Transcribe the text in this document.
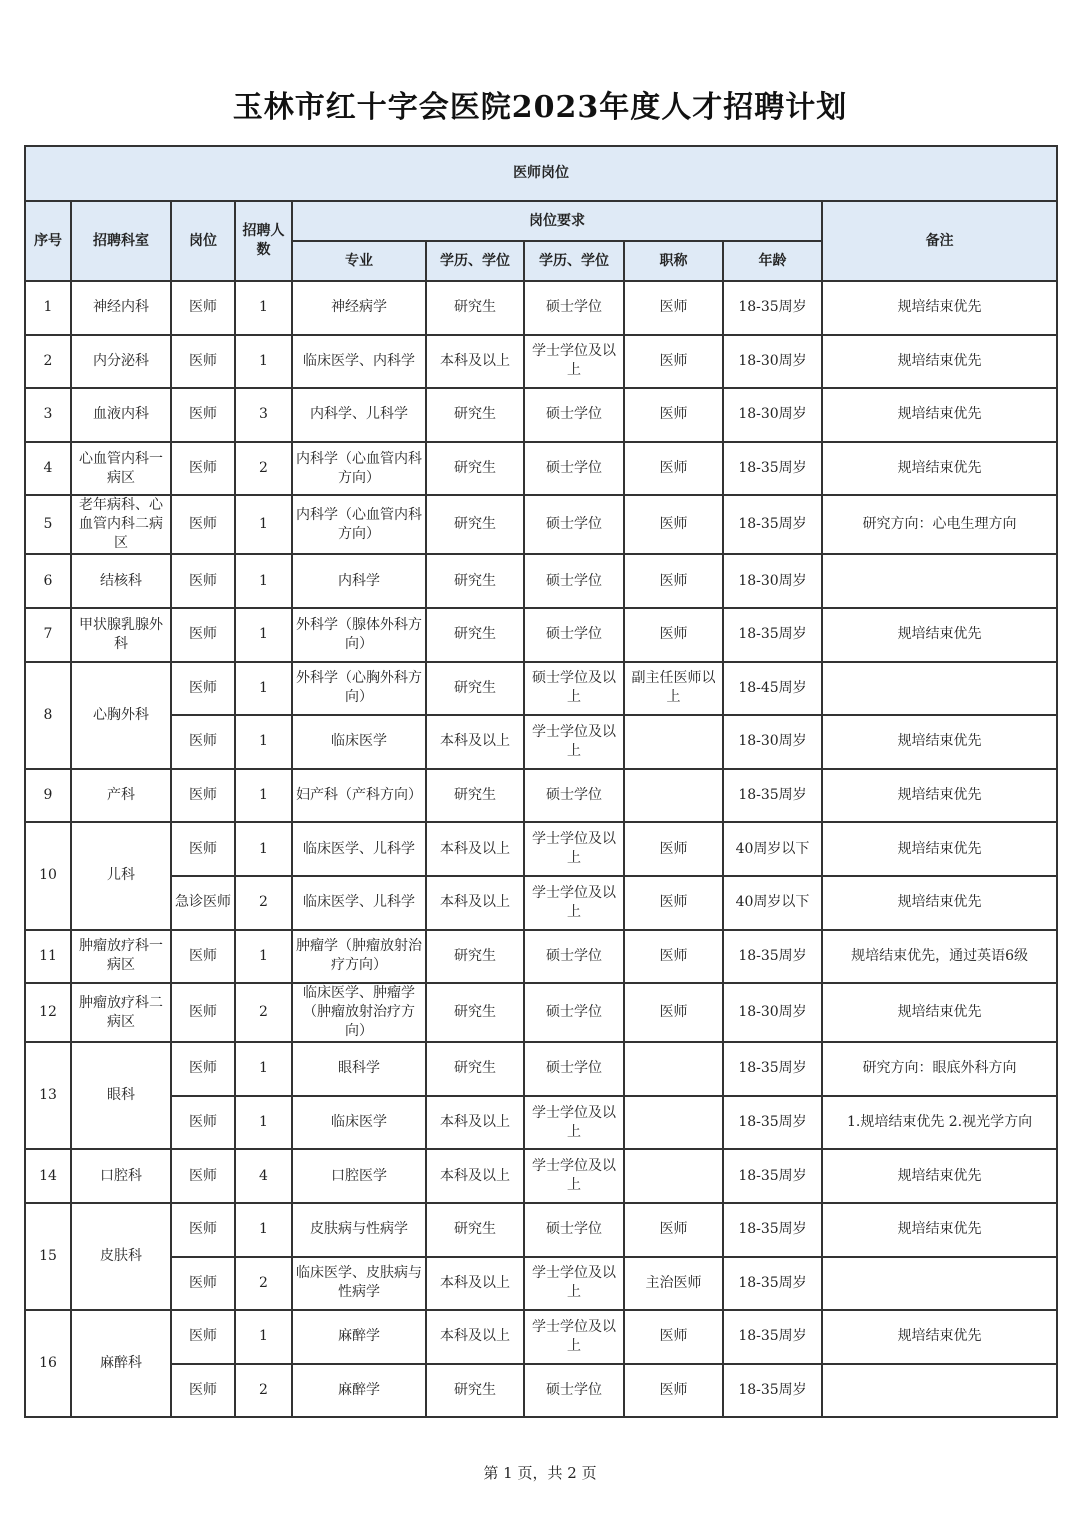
玉林市红十字会医院2023年度人才招聘计划
医师岗位									
序号	招聘科室	岗位	招聘人数	岗位要求					备注
				专业	学历、学位	学历、学位	职称	年龄	
1	神经内科	医师	1	神经病学	研究生	硕士学位	医师	18-35周岁	规培结束优先
2	内分泌科	医师	1	临床医学、内科学	本科及以上	学士学位及以上	医师	18-30周岁	规培结束优先
3	血液内科	医师	3	内科学、儿科学	研究生	硕士学位	医师	18-30周岁	规培结束优先
4	心血管内科一病区	医师	2	内科学（心血管内科方向）	研究生	硕士学位	医师	18-35周岁	规培结束优先
5	老年病科、心血管内科二病区	医师	1	内科学（心血管内科方向）	研究生	硕士学位	医师	18-35周岁	研究方向：心电生理方向
6	结核科	医师	1	内科学	研究生	硕士学位	医师	18-30周岁	
7	甲状腺乳腺外科	医师	1	外科学（腺体外科方向）	研究生	硕士学位	医师	18-35周岁	规培结束优先
8	心胸外科	医师	1	外科学（心胸外科方向）	研究生	硕士学位及以上	副主任医师以上	18-45周岁	
		医师	1	临床医学	本科及以上	学士学位及以上		18-30周岁	规培结束优先
9	产科	医师	1	妇产科（产科方向）	研究生	硕士学位		18-35周岁	规培结束优先
10	儿科	医师	1	临床医学、儿科学	本科及以上	学士学位及以上	医师	40周岁以下	规培结束优先
		急诊医师	2	临床医学、儿科学	本科及以上	学士学位及以上	医师	40周岁以下	规培结束优先
11	肿瘤放疗科一病区	医师	1	肿瘤学（肿瘤放射治疗方向）	研究生	硕士学位	医师	18-35周岁	规培结束优先，通过英语6级
12	肿瘤放疗科二病区	医师	2	临床医学、肿瘤学（肿瘤放射治疗方向）	研究生	硕士学位	医师	18-30周岁	规培结束优先
13	眼科	医师	1	眼科学	研究生	硕士学位		18-35周岁	研究方向：眼底外科方向
		医师	1	临床医学	本科及以上	学士学位及以上		18-35周岁	1.规培结束优先 2.视光学方向
14	口腔科	医师	4	口腔医学	本科及以上	学士学位及以上		18-35周岁	规培结束优先
15	皮肤科	医师	1	皮肤病与性病学	研究生	硕士学位	医师	18-35周岁	规培结束优先
		医师	2	临床医学、皮肤病与性病学	本科及以上	学士学位及以上	主治医师	18-35周岁	
16	麻醉科	医师	1	麻醉学	本科及以上	学士学位及以上	医师	18-35周岁	规培结束优先
		医师	2	麻醉学	研究生	硕士学位	医师	18-35周岁	
第 1 页，共 2 页
